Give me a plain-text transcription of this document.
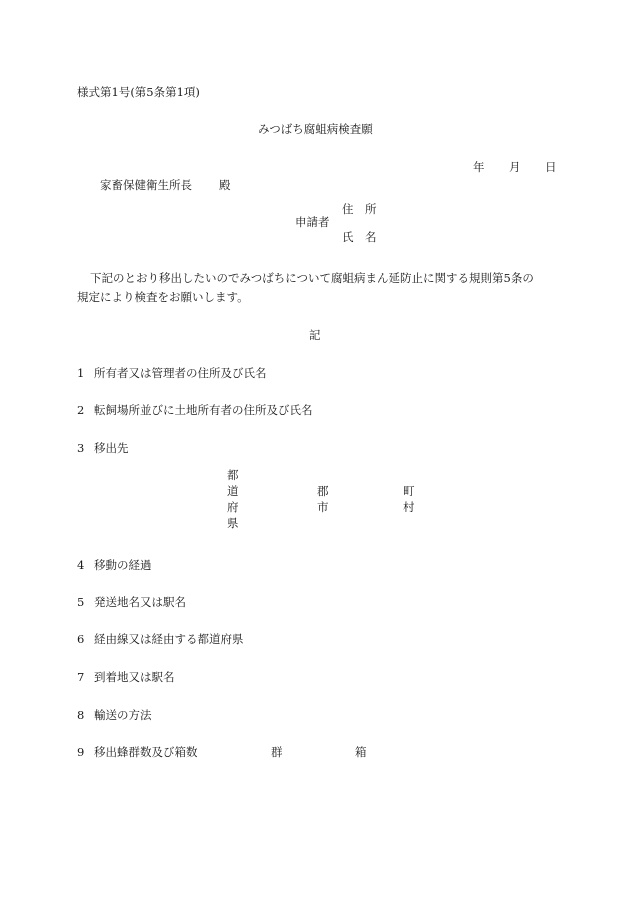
様式第1号(第5条第1項)
みつばち腐蛆病検査願
年 月 日
家畜保健衛生所長 殿
申請者
住　所
氏　名
下記のとおり移出したいのでみつばちについて腐蛆病まん延防止に関する規則第5条の
規定により検査をお願いします。
記
1 所有者又は管理者の住所及び氏名
2 転飼場所並びに土地所有者の住所及び氏名
3 移出先
都
道
府
県
郡
市
町
村
4 移動の経過
5 発送地名又は駅名
6 経由線又は経由する都道府県
7 到着地又は駅名
8 輸送の方法
9 移出蜂群数及び箱数	群	箱
